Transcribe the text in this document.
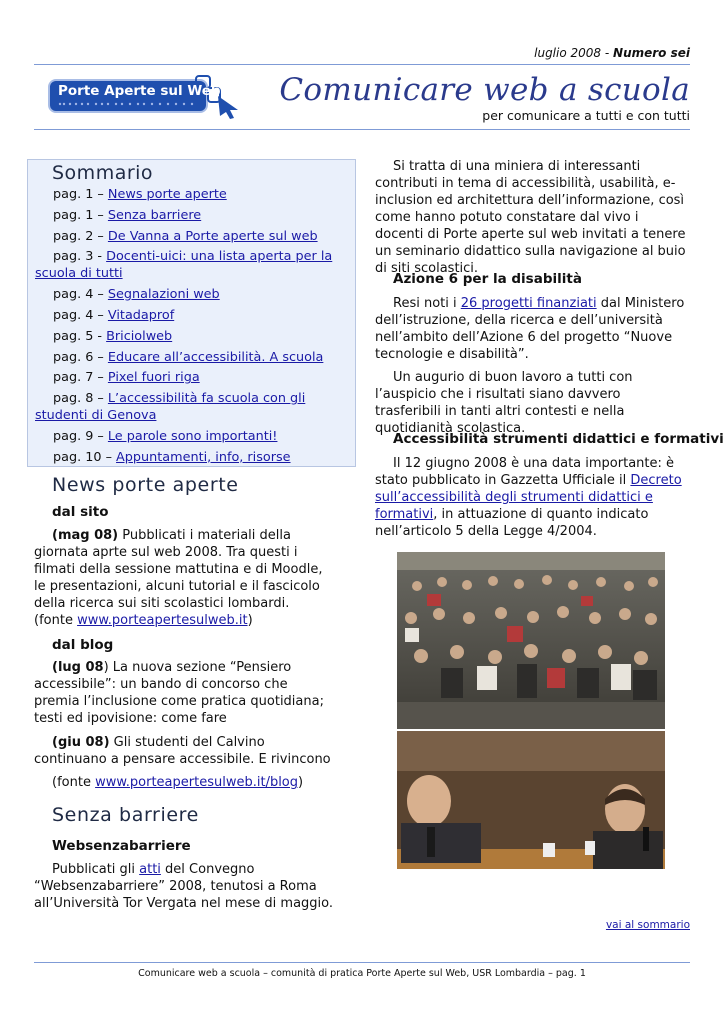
luglio 2008 - Numero sei
Porte Aperte sul Web Comunicare web a scuola
per comunicare a tutti e con tutti
Sommario
pag. 1 – News porte aperte
pag. 1 – Senza barriere
pag. 2 – De Vanna a Porte aperte sul web
pag. 3 - Docenti-uici: una lista aperta per la scuola di tutti
pag. 4 – Segnalazioni web
pag. 4 – Vitadaprof
pag. 5 - Briciolweb
pag. 6 – Educare all’accessibilità. A scuola
pag. 7 – Pixel fuori riga
pag. 8 – L’accessibilità fa scuola con gli studenti di Genova
pag. 9 – Le parole sono importanti!
pag. 10 – Appuntamenti, info, risorse
News porte aperte
dal sito
(mag 08) Pubblicati i materiali della giornata aprte sul web 2008. Tra questi i filmati della sessione mattutina e di Moodle, le presentazioni, alcuni tutorial e il fascicolo della ricerca sui siti scolastici lombardi.
(fonte www.porteapertesulweb.it)
dal blog
(lug 08) La nuova sezione “Pensiero accessibile”: un bando di concorso che premia l’inclusione come pratica quotidiana; testi ed ipovisione: come fare
(giu 08) Gli studenti del Calvino continuano a pensare accessibile. E rivincono
(fonte www.porteapertesulweb.it/blog)
Senza barriere
Websenzabarriere
Pubblicati gli atti del Convegno “Websenzabarriere” 2008, tenutosi a Roma all’Università Tor Vergata nel mese di maggio.
Si tratta di una miniera di interessanti contributi in tema di accessibilità, usabilità, e-inclusion ed architettura dell’informazione, così come hanno potuto constatare dal vivo i docenti di Porte aperte sul web invitati a tenere un seminario didattico sulla navigazione al buio di siti scolastici.
Azione 6 per la disabilità
Resi noti i 26 progetti finanziati dal Ministero dell’istruzione, della ricerca e dell’università nell’ambito dell’Azione 6 del progetto “Nuove tecnologie e disabilità”.
Un augurio di buon lavoro a tutti con l’auspicio che i risultati siano davvero trasferibili in tanti altri contesti e nella quotidianità scolastica.
Accessibilità strumenti didattici e formativi
Il 12 giugno 2008 è una data importante: è stato pubblicato in Gazzetta Ufficiale il Decreto sull’accessibilità degli strumenti didattici e formativi, in attuazione di quanto indicato nell’articolo 5 della Legge 4/2004.
vai al sommario
Comunicare web a scuola – comunità di pratica Porte Aperte sul Web, USR Lombardia – pag. 1
